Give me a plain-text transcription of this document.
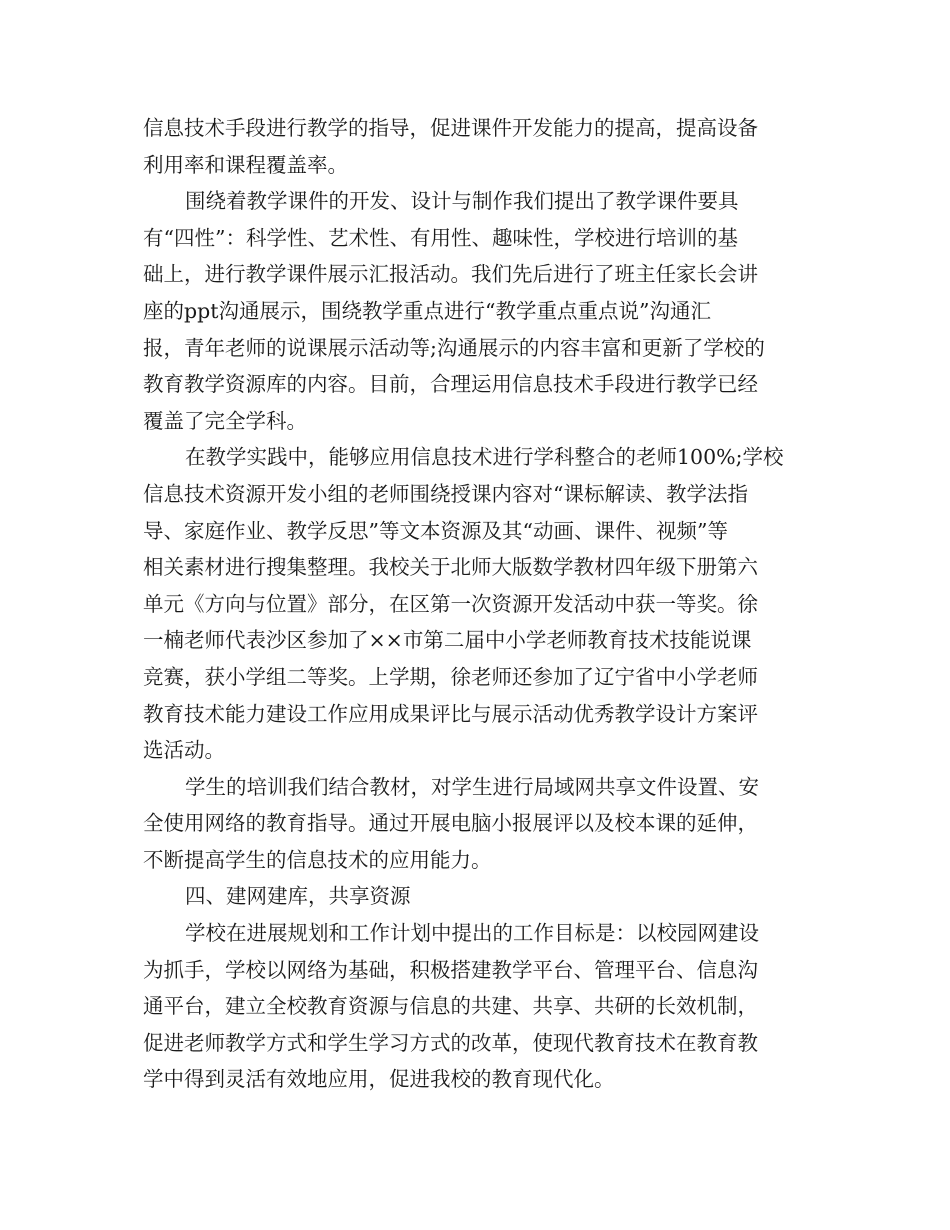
信息技术手段进行教学的指导，促进课件开发能力的提高，提高设备
利用率和课程覆盖率。
围绕着教学课件的开发、设计与制作我们提出了教学课件要具
有“四性”：科学性、艺术性、有用性、趣味性，学校进行培训的基
础上，进行教学课件展示汇报活动。我们先后进行了班主任家长会讲
座的ppt沟通展示，围绕教学重点进行“教学重点重点说”沟通汇
报，青年老师的说课展示活动等;沟通展示的内容丰富和更新了学校的
教育教学资源库的内容。目前，合理运用信息技术手段进行教学已经
覆盖了完全学科。
在教学实践中，能够应用信息技术进行学科整合的老师100%;学校
信息技术资源开发小组的老师围绕授课内容对“课标解读、教学法指
导、家庭作业、教学反思”等文本资源及其“动画、课件、视频”等
相关素材进行搜集整理。我校关于北师大版数学教材四年级下册第六
单元《方向与位置》部分，在区第一次资源开发活动中获一等奖。徐
一楠老师代表沙区参加了××市第二届中小学老师教育技术技能说课
竞赛，获小学组二等奖。上学期，徐老师还参加了辽宁省中小学老师
教育技术能力建设工作应用成果评比与展示活动优秀教学设计方案评
选活动。
学生的培训我们结合教材，对学生进行局域网共享文件设置、安
全使用网络的教育指导。通过开展电脑小报展评以及校本课的延伸，
不断提高学生的信息技术的应用能力。
四、建网建库，共享资源
学校在进展规划和工作计划中提出的工作目标是：以校园网建设
为抓手，学校以网络为基础，积极搭建教学平台、管理平台、信息沟
通平台，建立全校教育资源与信息的共建、共享、共研的长效机制，
促进老师教学方式和学生学习方式的改革，使现代教育技术在教育教
学中得到灵活有效地应用，促进我校的教育现代化。
